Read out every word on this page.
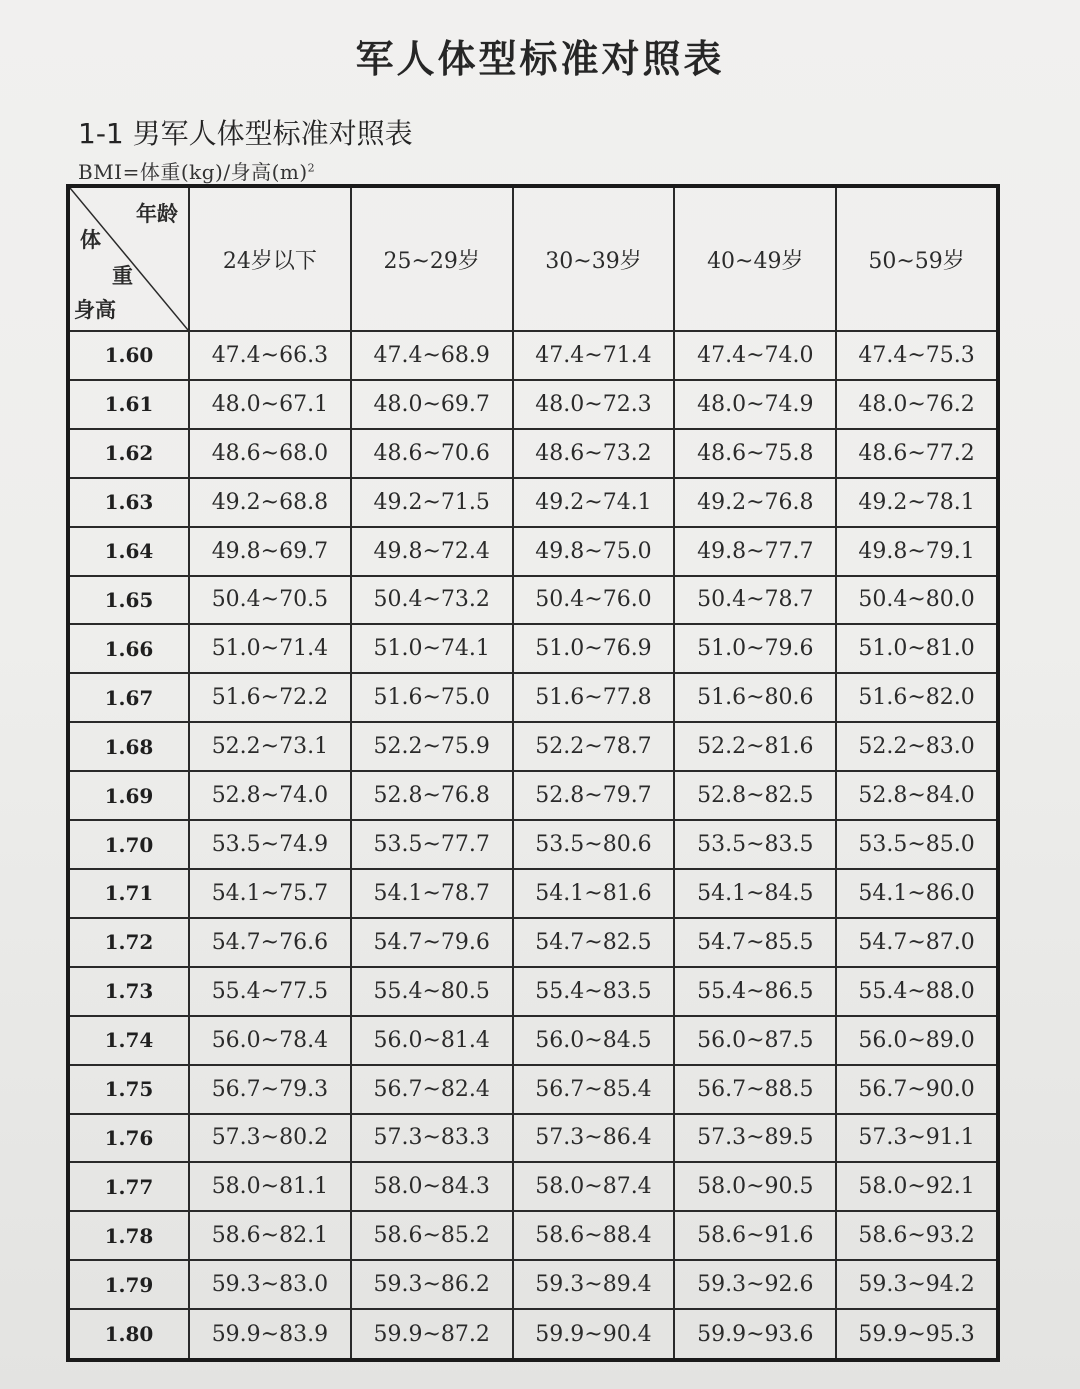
军人体型标准对照表
1-1 男军人体型标准对照表
BMI=体重(kg)/身高$(m)^2$
年龄
体
重
身高	24岁以下	25~29岁	30~39岁	40~49岁	50~59岁
1.60	47.4~66.3	47.4~68.9	47.4~71.4	47.4~74.0	47.4~75.3
1.61	48.0~67.1	48.0~69.7	48.0~72.3	48.0~74.9	48.0~76.2
1.62	48.6~68.0	48.6~70.6	48.6~73.2	48.6~75.8	48.6~77.2
1.63	49.2~68.8	49.2~71.5	49.2~74.1	49.2~76.8	49.2~78.1
1.64	49.8~69.7	49.8~72.4	49.8~75.0	49.8~77.7	49.8~79.1
1.65	50.4~70.5	50.4~73.2	50.4~76.0	50.4~78.7	50.4~80.0
1.66	51.0~71.4	51.0~74.1	51.0~76.9	51.0~79.6	51.0~81.0
1.67	51.6~72.2	51.6~75.0	51.6~77.8	51.6~80.6	51.6~82.0
1.68	52.2~73.1	52.2~75.9	52.2~78.7	52.2~81.6	52.2~83.0
1.69	52.8~74.0	52.8~76.8	52.8~79.7	52.8~82.5	52.8~84.0
1.70	53.5~74.9	53.5~77.7	53.5~80.6	53.5~83.5	53.5~85.0
1.71	54.1~75.7	54.1~78.7	54.1~81.6	54.1~84.5	54.1~86.0
1.72	54.7~76.6	54.7~79.6	54.7~82.5	54.7~85.5	54.7~87.0
1.73	55.4~77.5	55.4~80.5	55.4~83.5	55.4~86.5	55.4~88.0
1.74	56.0~78.4	56.0~81.4	56.0~84.5	56.0~87.5	56.0~89.0
1.75	56.7~79.3	56.7~82.4	56.7~85.4	56.7~88.5	56.7~90.0
1.76	57.3~80.2	57.3~83.3	57.3~86.4	57.3~89.5	57.3~91.1
1.77	58.0~81.1	58.0~84.3	58.0~87.4	58.0~90.5	58.0~92.1
1.78	58.6~82.1	58.6~85.2	58.6~88.4	58.6~91.6	58.6~93.2
1.79	59.3~83.0	59.3~86.2	59.3~89.4	59.3~92.6	59.3~94.2
1.80	59.9~83.9	59.9~87.2	59.9~90.4	59.9~93.6	59.9~95.3
